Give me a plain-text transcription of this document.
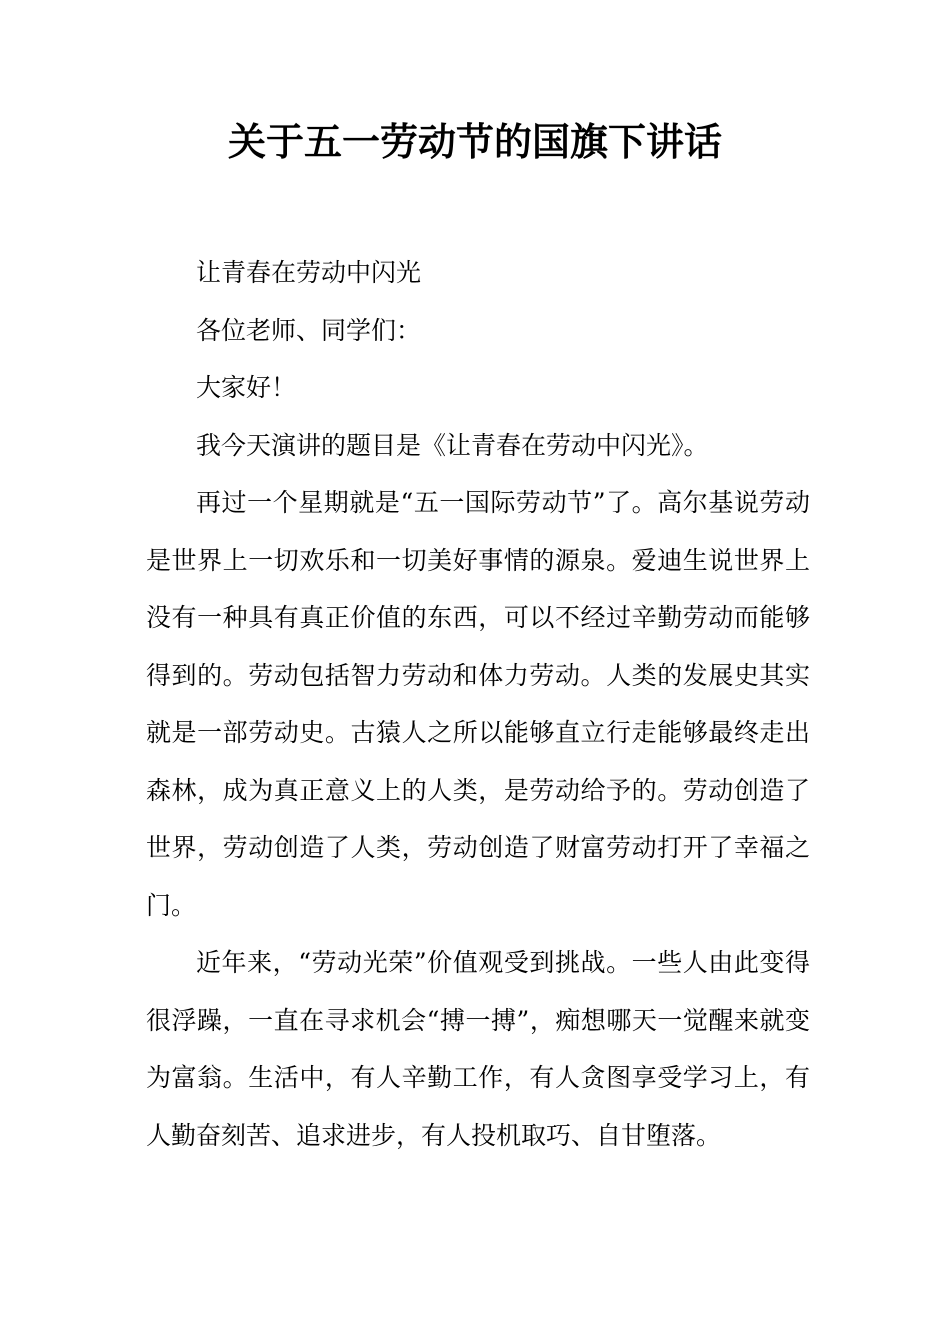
关于五一劳动节的国旗下讲话

让青春在劳动中闪光

各位老师、同学们：

大家好！

我今天演讲的题目是《让青春在劳动中闪光》。

再过一个星期就是“五一国际劳动节”了。高尔基说劳动是世界上一切欢乐和一切美好事情的源泉。爱迪生说世界上没有一种具有真正价值的东西，可以不经过辛勤劳动而能够得到的。劳动包括智力劳动和体力劳动。人类的发展史其实就是一部劳动史。古猿人之所以能够直立行走能够最终走出森林，成为真正意义上的人类，是劳动给予的。劳动创造了世界，劳动创造了人类，劳动创造了财富劳动打开了幸福之门。

近年来，“劳动光荣”价值观受到挑战。一些人由此变得很浮躁，一直在寻求机会“搏一搏”，痴想哪天一觉醒来就变为富翁。生活中，有人辛勤工作，有人贪图享受学习上，有人勤奋刻苦、追求进步，有人投机取巧、自甘堕落。
